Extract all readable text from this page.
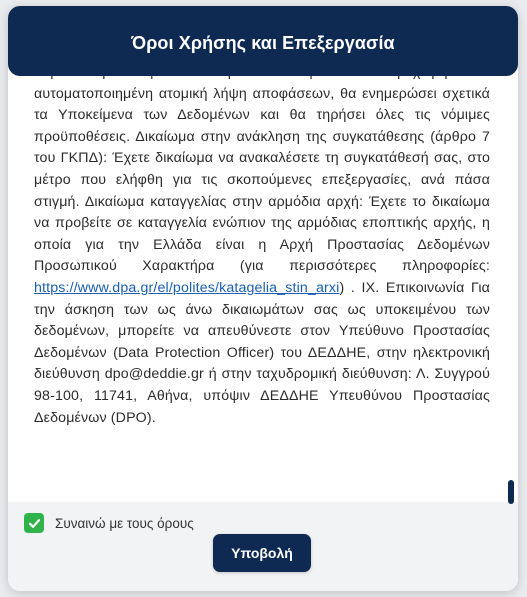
αυτοματοποιημένη ατομική λήψη αποφάσεων, θα ενημερώσει σχετικά τα Υποκείμενα των Δεδομένων και θα τηρήσει όλες τις νόμιμες προϋποθέσεις. Δικαίωμα στην ανάκληση της συγκατάθεσης (άρθρο 7 του ΓΚΠΔ): Έχετε δικαίωμα να ανακαλέσετε τη συγκατάθεσή σας, στο μέτρο που ελήφθη για τις σκοπούμενες επεξεργασίες, ανά πάσα στιγμή. Δικαίωμα καταγγελίας στην αρμόδια αρχή: Έχετε το δικαίωμα να προβείτε σε καταγγελία ενώπιον της αρμόδιας εποπτικής αρχής, η οποία για την Ελλάδα είναι η Αρχή Προστασίας Δεδομένων Προσωπικού Χαρακτήρα (για περισσότερες πληροφορίες: https://www.dpa.gr/el/polites/katagelia_stin_arxi) . IX. Επικοινωνία Για την άσκηση των ως άνω δικαιωμάτων σας ως υποκειμένου των δεδομένων, μπορείτε να απευθύνεστε στον Υπεύθυνο Προστασίας Δεδομένων (Data Protection Officer) του ΔΕΔΔΗΕ, στην ηλεκτρονική διεύθυνση dpo@deddie.gr ή στην ταχυδρομική διεύθυνση: Λ. Συγγρού 98-100, 11741, Αθήνα, υπόψιν ΔΕΔΔΗΕ Υπευθύνου Προστασίας Δεδομένων (DPO).
Όροι Χρήσης και Επεξεργασία
Συναινώ με τους όρους
Υποβολή
